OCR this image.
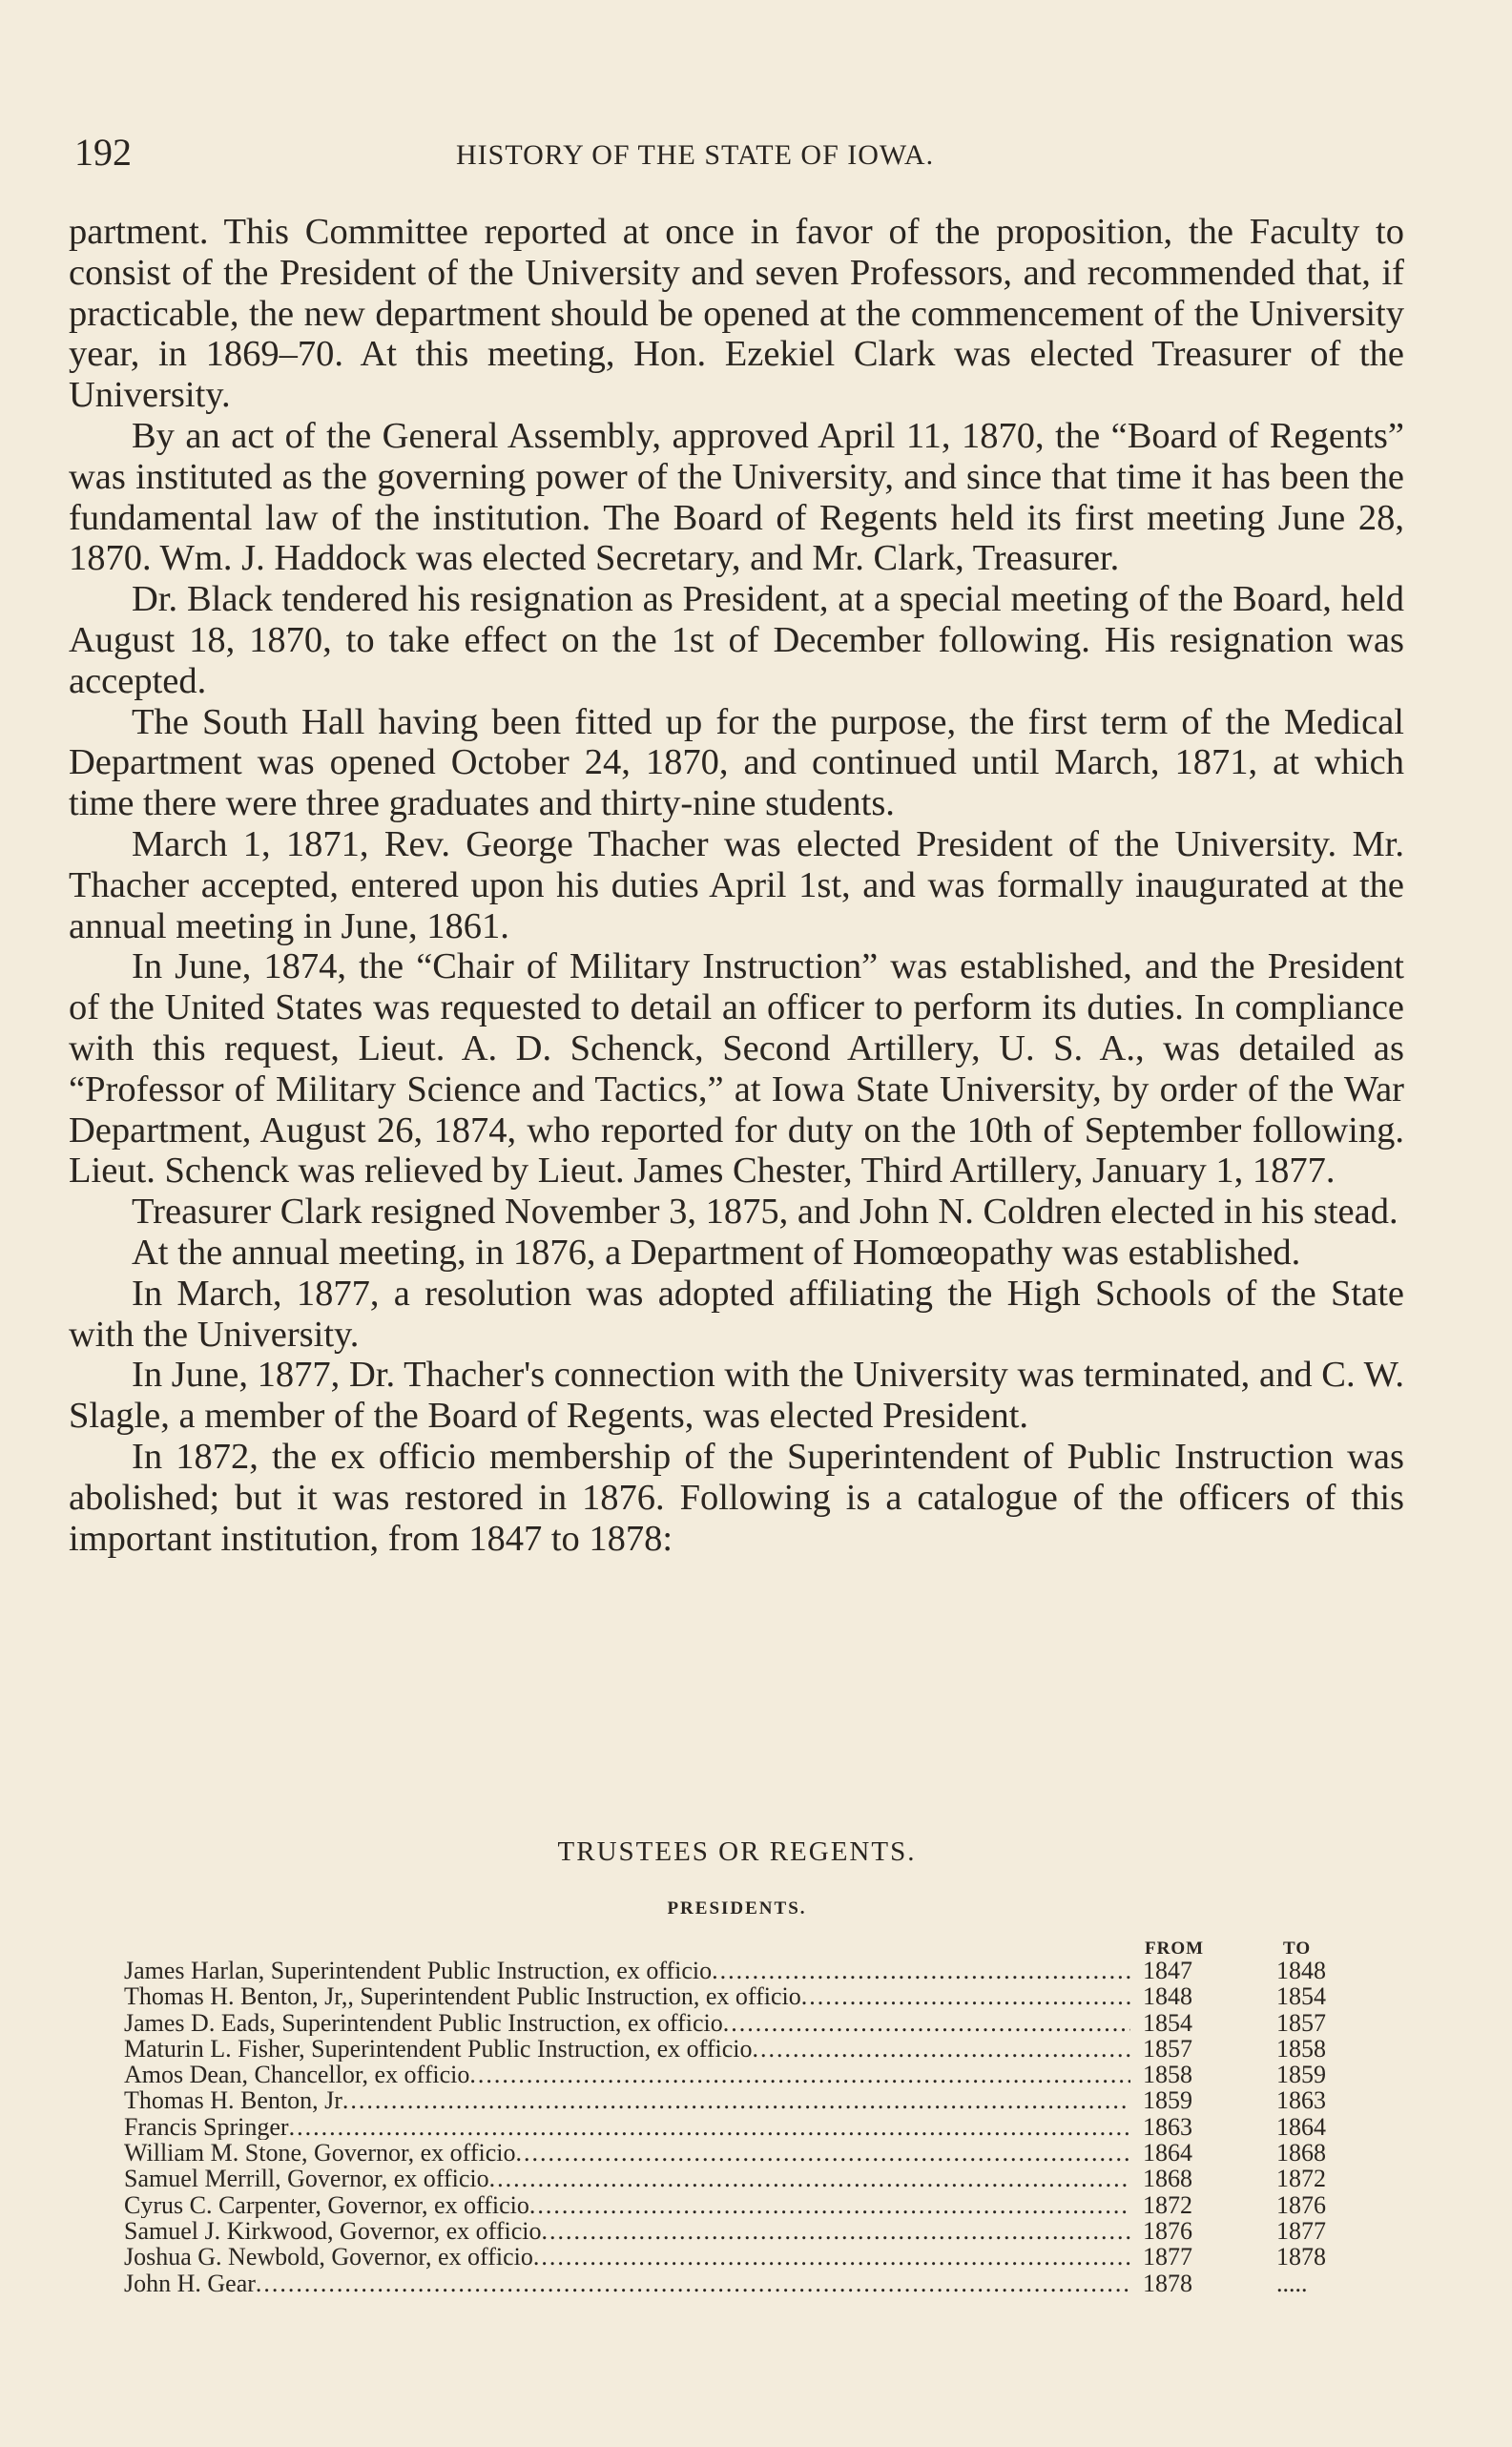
192	HISTORY OF THE STATE OF IOWA.

partment. This Committee reported at once in favor of the proposition, the Faculty to consist of the President of the University and seven Professors, and recommended that, if practicable, the new department should be opened at the commencement of the University year, in 1869–70. At this meeting, Hon. Ezekiel Clark was elected Treasurer of the University.

By an act of the General Assembly, approved April 11, 1870, the “Board of Regents” was instituted as the governing power of the University, and since that time it has been the fundamental law of the institution. The Board of Regents held its first meeting June 28, 1870. Wm. J. Haddock was elected Secretary, and Mr. Clark, Treasurer.

Dr. Black tendered his resignation as President, at a special meeting of the Board, held August 18, 1870, to take effect on the 1st of December following. His resignation was accepted.

The South Hall having been fitted up for the purpose, the first term of the Medical Department was opened October 24, 1870, and continued until March, 1871, at which time there were three graduates and thirty-nine students.

March 1, 1871, Rev. George Thacher was elected President of the University. Mr. Thacher accepted, entered upon his duties April 1st, and was formally inaugurated at the annual meeting in June, 1861.

In June, 1874, the “Chair of Military Instruction” was established, and the President of the United States was requested to detail an officer to perform its duties. In compliance with this request, Lieut. A. D. Schenck, Second Artillery, U. S. A., was detailed as “Professor of Military Science and Tactics,” at Iowa State University, by order of the War Department, August 26, 1874, who reported for duty on the 10th of September following. Lieut. Schenck was relieved by Lieut. James Chester, Third Artillery, January 1, 1877.

Treasurer Clark resigned November 3, 1875, and John N. Coldren elected in his stead.

At the annual meeting, in 1876, a Department of Homœopathy was established.

In March, 1877, a resolution was adopted affiliating the High Schools of the State with the University.

In June, 1877, Dr. Thacher's connection with the University was terminated, and C. W. Slagle, a member of the Board of Regents, was elected President.

In 1872, the ex officio membership of the Superintendent of Public Instruction was abolished; but it was restored in 1876. Following is a catalogue of the officers of this important institution, from 1847 to 1878:

TRUSTEES OR REGENTS.
PRESIDENTS.
FROM	TO
James Harlan, Superintendent Public Instruction, ex officio .....	1847	1848
Thomas H. Benton, Jr,, Superintendent Public Instruction, ex officio .....	1848	1854
James D. Eads, Superintendent Public Instruction, ex officio .....	1854	1857
Maturin L. Fisher, Superintendent Public Instruction, ex officio .....	1857	1858
Amos Dean, Chancellor, ex officio .....	1858	1859
Thomas H. Benton, Jr .....	1859	1863
Francis Springer .....	1863	1864
William M. Stone, Governor, ex officio .....	1864	1868
Samuel Merrill, Governor, ex officio .....	1868	1872
Cyrus C. Carpenter, Governor, ex officio .....	1872	1876
Samuel J. Kirkwood, Governor, ex officio .....	1876	1877
Joshua G. Newbold, Governor, ex officio .....	1877	1878
John H. Gear .....	1878	.....
